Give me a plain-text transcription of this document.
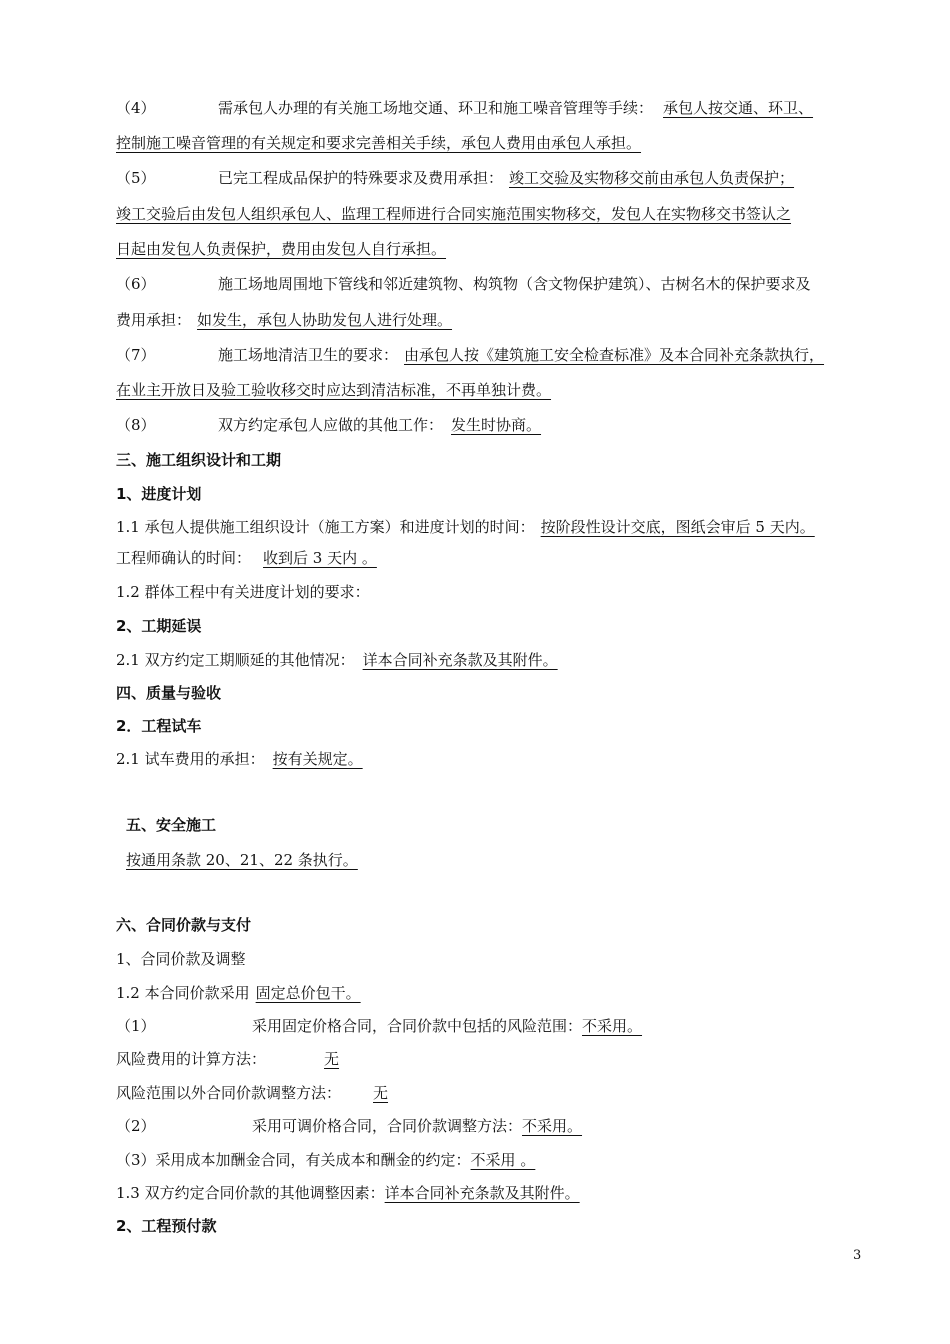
（4）	需承包人办理的有关施工场地交通、环卫和施工噪音管理等手续： 承包人按交通、环卫、
控制施工噪音管理的有关规定和要求完善相关手续，承包人费用由承包人承担。
（5）	已完工程成品保护的特殊要求及费用承担： 竣工交验及实物移交前由承包人负责保护；
竣工交验后由发包人组织承包人、监理工程师进行合同实施范围实物移交，发包人在实物移交书签认之
日起由发包人负责保护，费用由发包人自行承担。
（6）	施工场地周围地下管线和邻近建筑物、构筑物（含文物保护建筑）、古树名木的保护要求及
费用承担： 如发生，承包人协助发包人进行处理。
（7）	施工场地清洁卫生的要求： 由承包人按《建筑施工安全检查标准》及本合同补充条款执行，
在业主开放日及验工验收移交时应达到清洁标准，不再单独计费。
（8）	双方约定承包人应做的其他工作： 发生时协商。
三、施工组织设计和工期
1、进度计划
1.1 承包人提供施工组织设计（施工方案）和进度计划的时间： 按阶段性设计交底，图纸会审后 5 天内。
工程师确认的时间： 收到后 3 天内 。
1.2 群体工程中有关进度计划的要求：
2、工期延误
2.1 双方约定工期顺延的其他情况： 详本合同补充条款及其附件。
四、质量与验收
2．工程试车
2.1 试车费用的承担： 按有关规定。
五、安全施工
按通用条款 20、21、22 条执行。
六、合同价款与支付
1、合同价款及调整
1.2 本合同价款采用 固定总价包干。
（1）	采用固定价格合同，合同价款中包括的风险范围：不采用。
风险费用的计算方法：	无
风险范围以外合同价款调整方法： 无
（2）	采用可调价格合同，合同价款调整方法：不采用。
（3）采用成本加酬金合同，有关成本和酬金的约定：不采用 。
1.3 双方约定合同价款的其他调整因素：详本合同补充条款及其附件。
2、工程预付款
3
